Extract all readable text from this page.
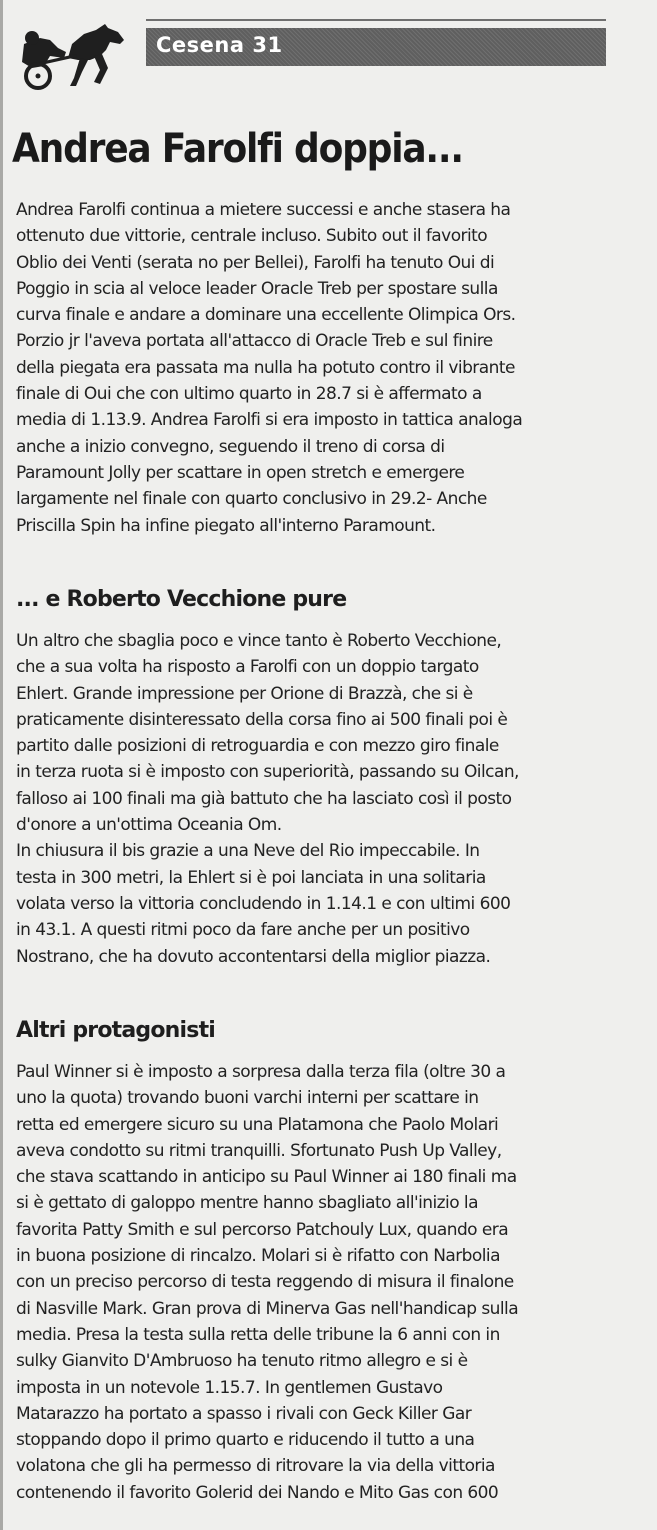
Cesena 31
Andrea Farolfi doppia...
Andrea Farolfi continua a mietere successi e anche stasera ha
ottenuto due vittorie, centrale incluso. Subito out il favorito
Oblio dei Venti (serata no per Bellei), Farolfi ha tenuto Oui di
Poggio in scia al veloce leader Oracle Treb per spostare sulla
curva finale e andare a dominare una eccellente Olimpica Ors.
Porzio jr l'aveva portata all'attacco di Oracle Treb e sul finire
della piegata era passata ma nulla ha potuto contro il vibrante
finale di Oui che con ultimo quarto in 28.7 si è affermato a
media di 1.13.9. Andrea Farolfi si era imposto in tattica analoga
anche a inizio convegno, seguendo il treno di corsa di
Paramount Jolly per scattare in open stretch e emergere
largamente nel finale con quarto conclusivo in 29.2- Anche
Priscilla Spin ha infine piegato all'interno Paramount.
... e Roberto Vecchione pure
Un altro che sbaglia poco e vince tanto è Roberto Vecchione,
che a sua volta ha risposto a Farolfi con un doppio targato
Ehlert. Grande impressione per Orione di Brazzà, che si è
praticamente disinteressato della corsa fino ai 500 finali poi è
partito dalle posizioni di retroguardia e con mezzo giro finale
in terza ruota si è imposto con superiorità, passando su Oilcan,
falloso ai 100 finali ma già battuto che ha lasciato così il posto
d'onore a un'ottima Oceania Om.
In chiusura il bis grazie a una Neve del Rio impeccabile. In
testa in 300 metri, la Ehlert si è poi lanciata in una solitaria
volata verso la vittoria concludendo in 1.14.1 e con ultimi 600
in 43.1. A questi ritmi poco da fare anche per un positivo
Nostrano, che ha dovuto accontentarsi della miglior piazza.
Altri protagonisti
Paul Winner si è imposto a sorpresa dalla terza fila (oltre 30 a
uno la quota) trovando buoni varchi interni per scattare in
retta ed emergere sicuro su una Platamona che Paolo Molari
aveva condotto su ritmi tranquilli. Sfortunato Push Up Valley,
che stava scattando in anticipo su Paul Winner ai 180 finali ma
si è gettato di galoppo mentre hanno sbagliato all'inizio la
favorita Patty Smith e sul percorso Patchouly Lux, quando era
in buona posizione di rincalzo. Molari si è rifatto con Narbolia
con un preciso percorso di testa reggendo di misura il finalone
di Nasville Mark. Gran prova di Minerva Gas nell'handicap sulla
media. Presa la testa sulla retta delle tribune la 6 anni con in
sulky Gianvito D'Ambruoso ha tenuto ritmo allegro e si è
imposta in un notevole 1.15.7. In gentlemen Gustavo
Matarazzo ha portato a spasso i rivali con Geck Killer Gar
stoppando dopo il primo quarto e riducendo il tutto a una
volatona che gli ha permesso di ritrovare la via della vittoria
contenendo il favorito Golerid dei Nando e Mito Gas con 600
